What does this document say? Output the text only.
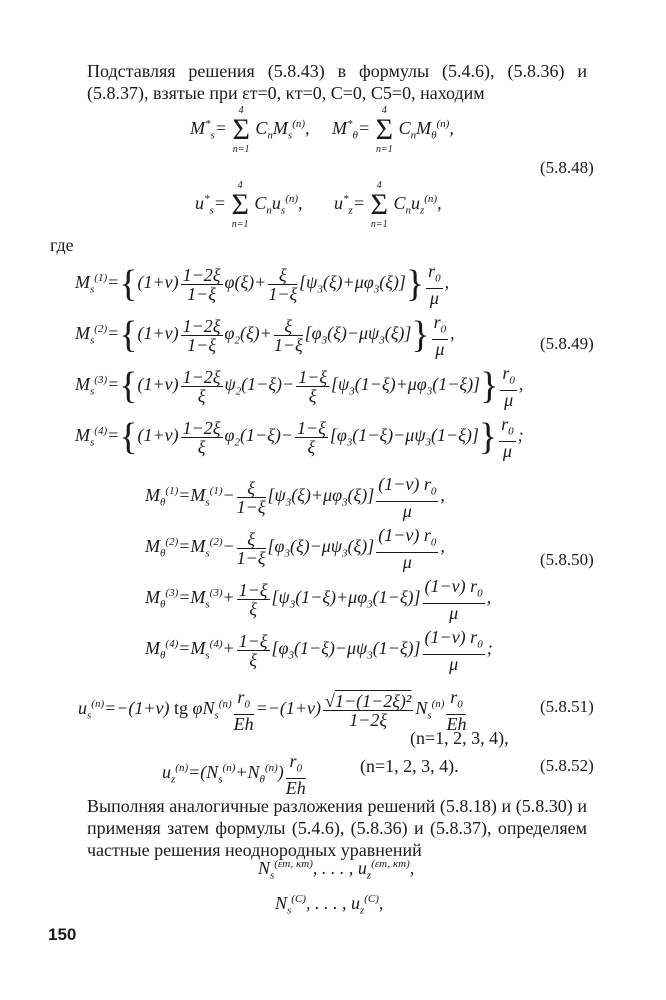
Подставляя решения (5.8.43) в формулы (5.4.6), (5.8.36) и (5.8.37), взятые при εт=0, κт=0, C=0, C5=0, находим
$M^*_s=$
4
Σ
n=1
$C_nM_s^{(n)}$,     $M^*_\theta=$
4
Σ
n=1
$C_nM_\theta^{(n)}$,
$u^*_s=$
4
Σ
n=1
$C_nu_s^{(n)}$,       $u^*_z=$
4
Σ
n=1
$C_nu_z^{(n)}$,
(5.8.48)
где
$M_s^{(1)}=\{(1+\nu) \frac{1-2\xi}{1-\xi} \varphi(\xi)+ \frac{\xi}{1-\xi} [\psi_3(\xi)+\mu\varphi_3(\xi)]\} \frac{r_0}{\mu}$ ,
$M_s^{(2)}=\{(1+\nu) \frac{1-2\xi}{1-\xi} \varphi_2(\xi)+ \frac{\xi}{1-\xi} [\varphi_3(\xi)-\mu\psi_3(\xi)]\} \frac{r_0}{\mu}$ ,
(5.8.49)
$M_s^{(3)}=\{(1+\nu) \frac{1-2\xi}{\xi} \psi_2(1-\xi)- \frac{1-\xi}{\xi} [\psi_3(1-\xi)+\mu\varphi_3(1-\xi)]\} \frac{r_0}{\mu}$ ,
$M_s^{(4)}=\{(1+\nu) \frac{1-2\xi}{\xi} \varphi_2(1-\xi)- \frac{1-\xi}{\xi} [\varphi_3(1-\xi)-\mu\psi_3(1-\xi)]\} \frac{r_0}{\mu}$ ;
$M_\theta^{(1)}=M_s^{(1)}- \frac{\xi}{1-\xi} [\psi_3(\xi)+\mu\varphi_3(\xi)] \frac{(1-\nu) r_0}{\mu}$ ,
$M_\theta^{(2)}=M_s^{(2)}- \frac{\xi}{1-\xi} [\varphi_3(\xi)-\mu\psi_3(\xi)] \frac{(1-\nu) r_0}{\mu}$ ,
(5.8.50)
$M_\theta^{(3)}=M_s^{(3)}+ \frac{1-\xi}{\xi} [\psi_3(1-\xi)+\mu\varphi_3(1-\xi)] \frac{(1-\nu) r_0}{\mu}$ ,
$M_\theta^{(4)}=M_s^{(4)}+ \frac{1-\xi}{\xi} [\varphi_3(1-\xi)-\mu\psi_3(1-\xi)] \frac{(1-\nu) r_0}{\mu}$ ;
$u_s^{(n)}=-(1+\nu)$ tg $\varphi N_s^{(n)} \frac{r_0}{Eh} =-(1+\nu) \frac{\text{√1−(1−2ξ)²}}{1-2\xi} N_s^{(n)} \frac{r_0}{Eh}$	(5.8.51)
(n=1, 2, 3, 4),
$u_z^{(n)}=(N_s^{(n)}+N_\theta^{(n)}) \frac{r_0}{Eh}$	(n=1, 2, 3, 4).	(5.8.52)
Выполняя аналогичные разложения решений (5.8.18) и (5.8.30) и применяя затем формулы (5.4.6), (5.8.36) и (5.8.37), определяем частные решения неоднородных уравнений
$N_s^{(\varepsilon т, \kappa т)}$, . . . , $u_z^{(\varepsilon т, \kappa т)}$,
$N_s^{(C)}$, . . . , $u_z^{(C)}$,
150
